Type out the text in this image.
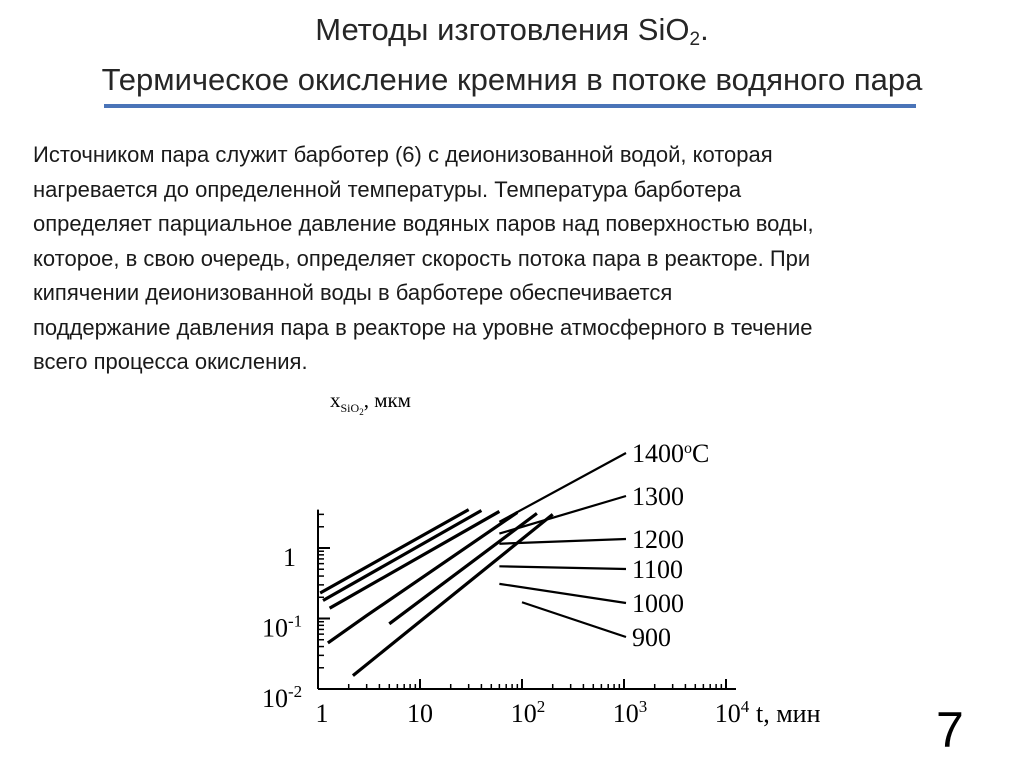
Методы изготовления SiO$_2$.
Термическое окисление кремния в потоке водяного пара
Источником пара служит барботер (6) с деионизованной водой, которая
нагревается до определенной температуры. Температура барботера
определяет парциальное давление водяных паров над поверхностью воды,
которое, в свою очередь, определяет скорость потока пара в реакторе. При
кипячении деионизованной воды в барботере обеспечивается
поддержание давления пара в реакторе на уровне атмосферного в течение
всего процесса окисления.
1	10	$10^2$	$10^3$	$10^4$
$10^{-2}$
$10^{-1}$
1
$x_{SiO}2$, мкм
t, мин
1400$^o$C
1300
1200
1100
1000
900
7
